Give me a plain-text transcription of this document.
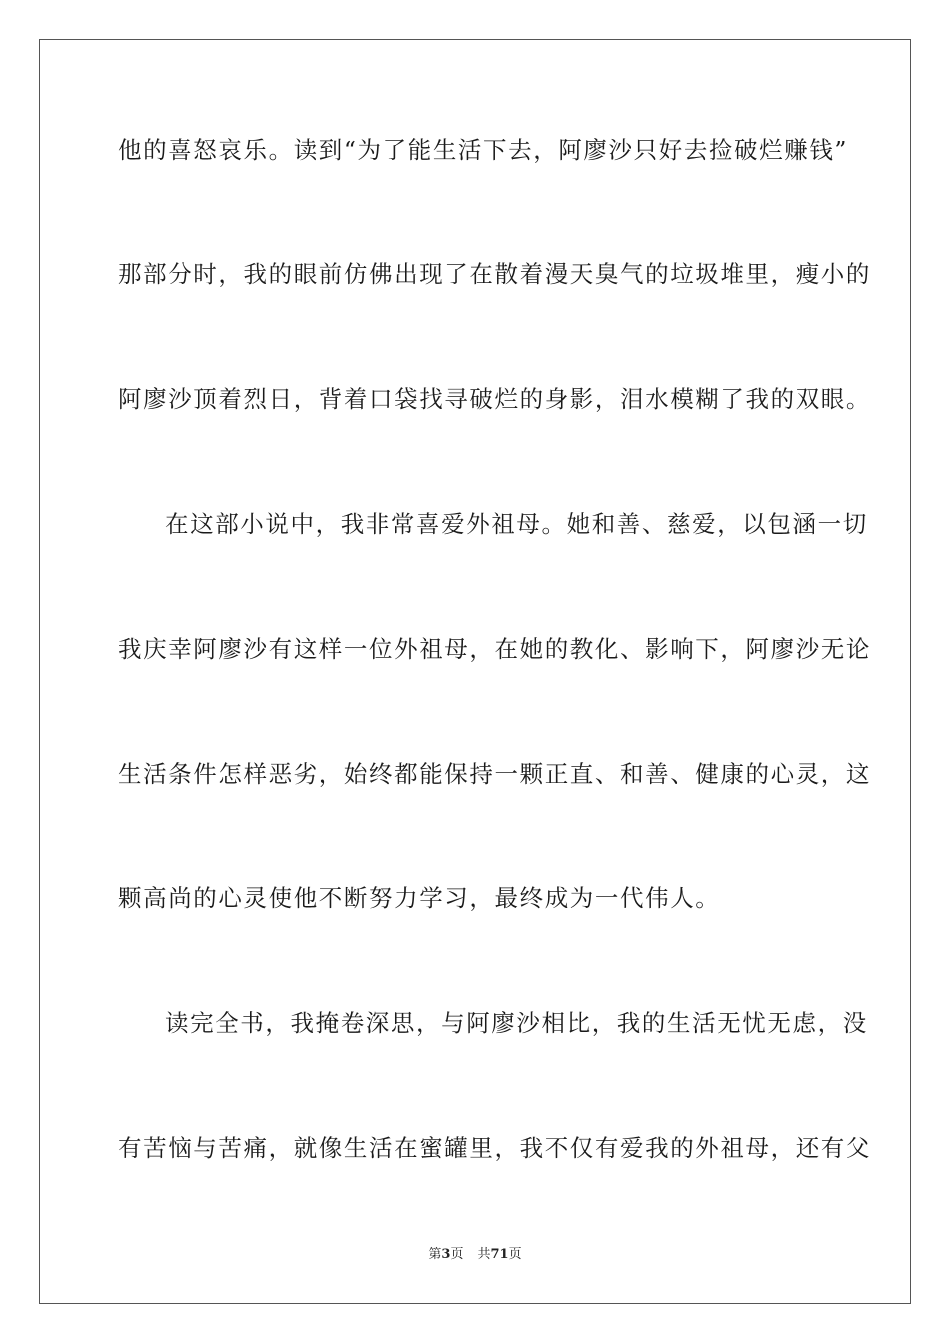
他的喜怒哀乐。读到“为了能生活下去，阿廖沙只好去捡破烂赚钱”
那部分时，我的眼前仿佛出现了在散着漫天臭气的垃圾堆里，瘦小的
阿廖沙顶着烈日，背着口袋找寻破烂的身影，泪水模糊了我的双眼。
在这部小说中，我非常喜爱外祖母。她和善、慈爱，以包涵一切
我庆幸阿廖沙有这样一位外祖母，在她的教化、影响下，阿廖沙无论
生活条件怎样恶劣，始终都能保持一颗正直、和善、健康的心灵，这
颗高尚的心灵使他不断努力学习，最终成为一代伟人。
读完全书，我掩卷深思，与阿廖沙相比，我的生活无忧无虑，没
有苦恼与苦痛，就像生活在蜜罐里，我不仅有爱我的外祖母，还有父
第3页 共71页
